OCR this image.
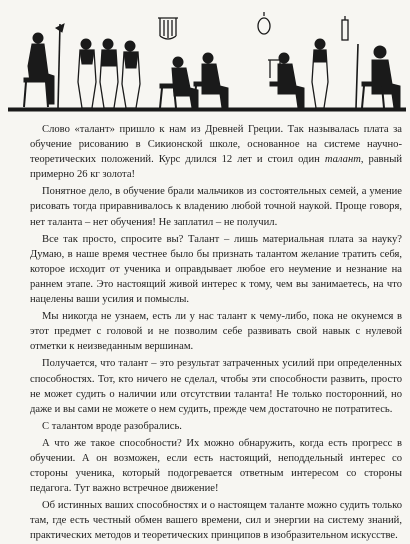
Слово «талант» пришло к нам из Древней Греции. Так называлась плата за обучение рисованию в Сикионской школе, основанное на системе научно-теоретических положений. Курс длился 12 лет и стоил один талант, равный примерно 26 кг золота!

Понятное дело, в обучение брали мальчиков из состоятельных семей, а умение рисовать тогда приравнивалось к владению любой точной наукой. Проще говоря, нет таланта – нет обучения! Не заплатил – не получил.

Все так просто, спросите вы? Талант – лишь материальная плата за науку? Думаю, в наше время честнее было бы признать талантом желание тратить себя, которое исходит от ученика и оправдывает любое его неумение и незнание на раннем этапе. Это настоящий живой интерес к тому, чем вы занимаетесь, на что нацелены ваши усилия и помыслы.

Мы никогда не узнаем, есть ли у нас талант к чему-либо, пока не окунемся в этот предмет с головой и не позволим себе развивать свой навык с нулевой отметки к неизведанным вершинам.

Получается, что талант – это результат затраченных усилий при определенных способностях. Тот, кто ничего не сделал, чтобы эти способности развить, просто не может судить о наличии или отсутствии таланта! Не только посторонний, но даже и вы сами не можете о нем судить, прежде чем достаточно не потратитесь.

С талантом вроде разобрались.

А что же такое способности? Их можно обнаружить, когда есть прогресс в обучении. А он возможен, если есть настоящий, неподдельный интерес со стороны ученика, который подогревается ответным интересом со стороны педагога. Тут важно встречное движение!

Об истинных ваших способностях и о настоящем таланте можно судить только там, где есть честный обмен вашего времени, сил и энергии на систему знаний, практических методов и теоретических принципов в изобразительном искусстве.
